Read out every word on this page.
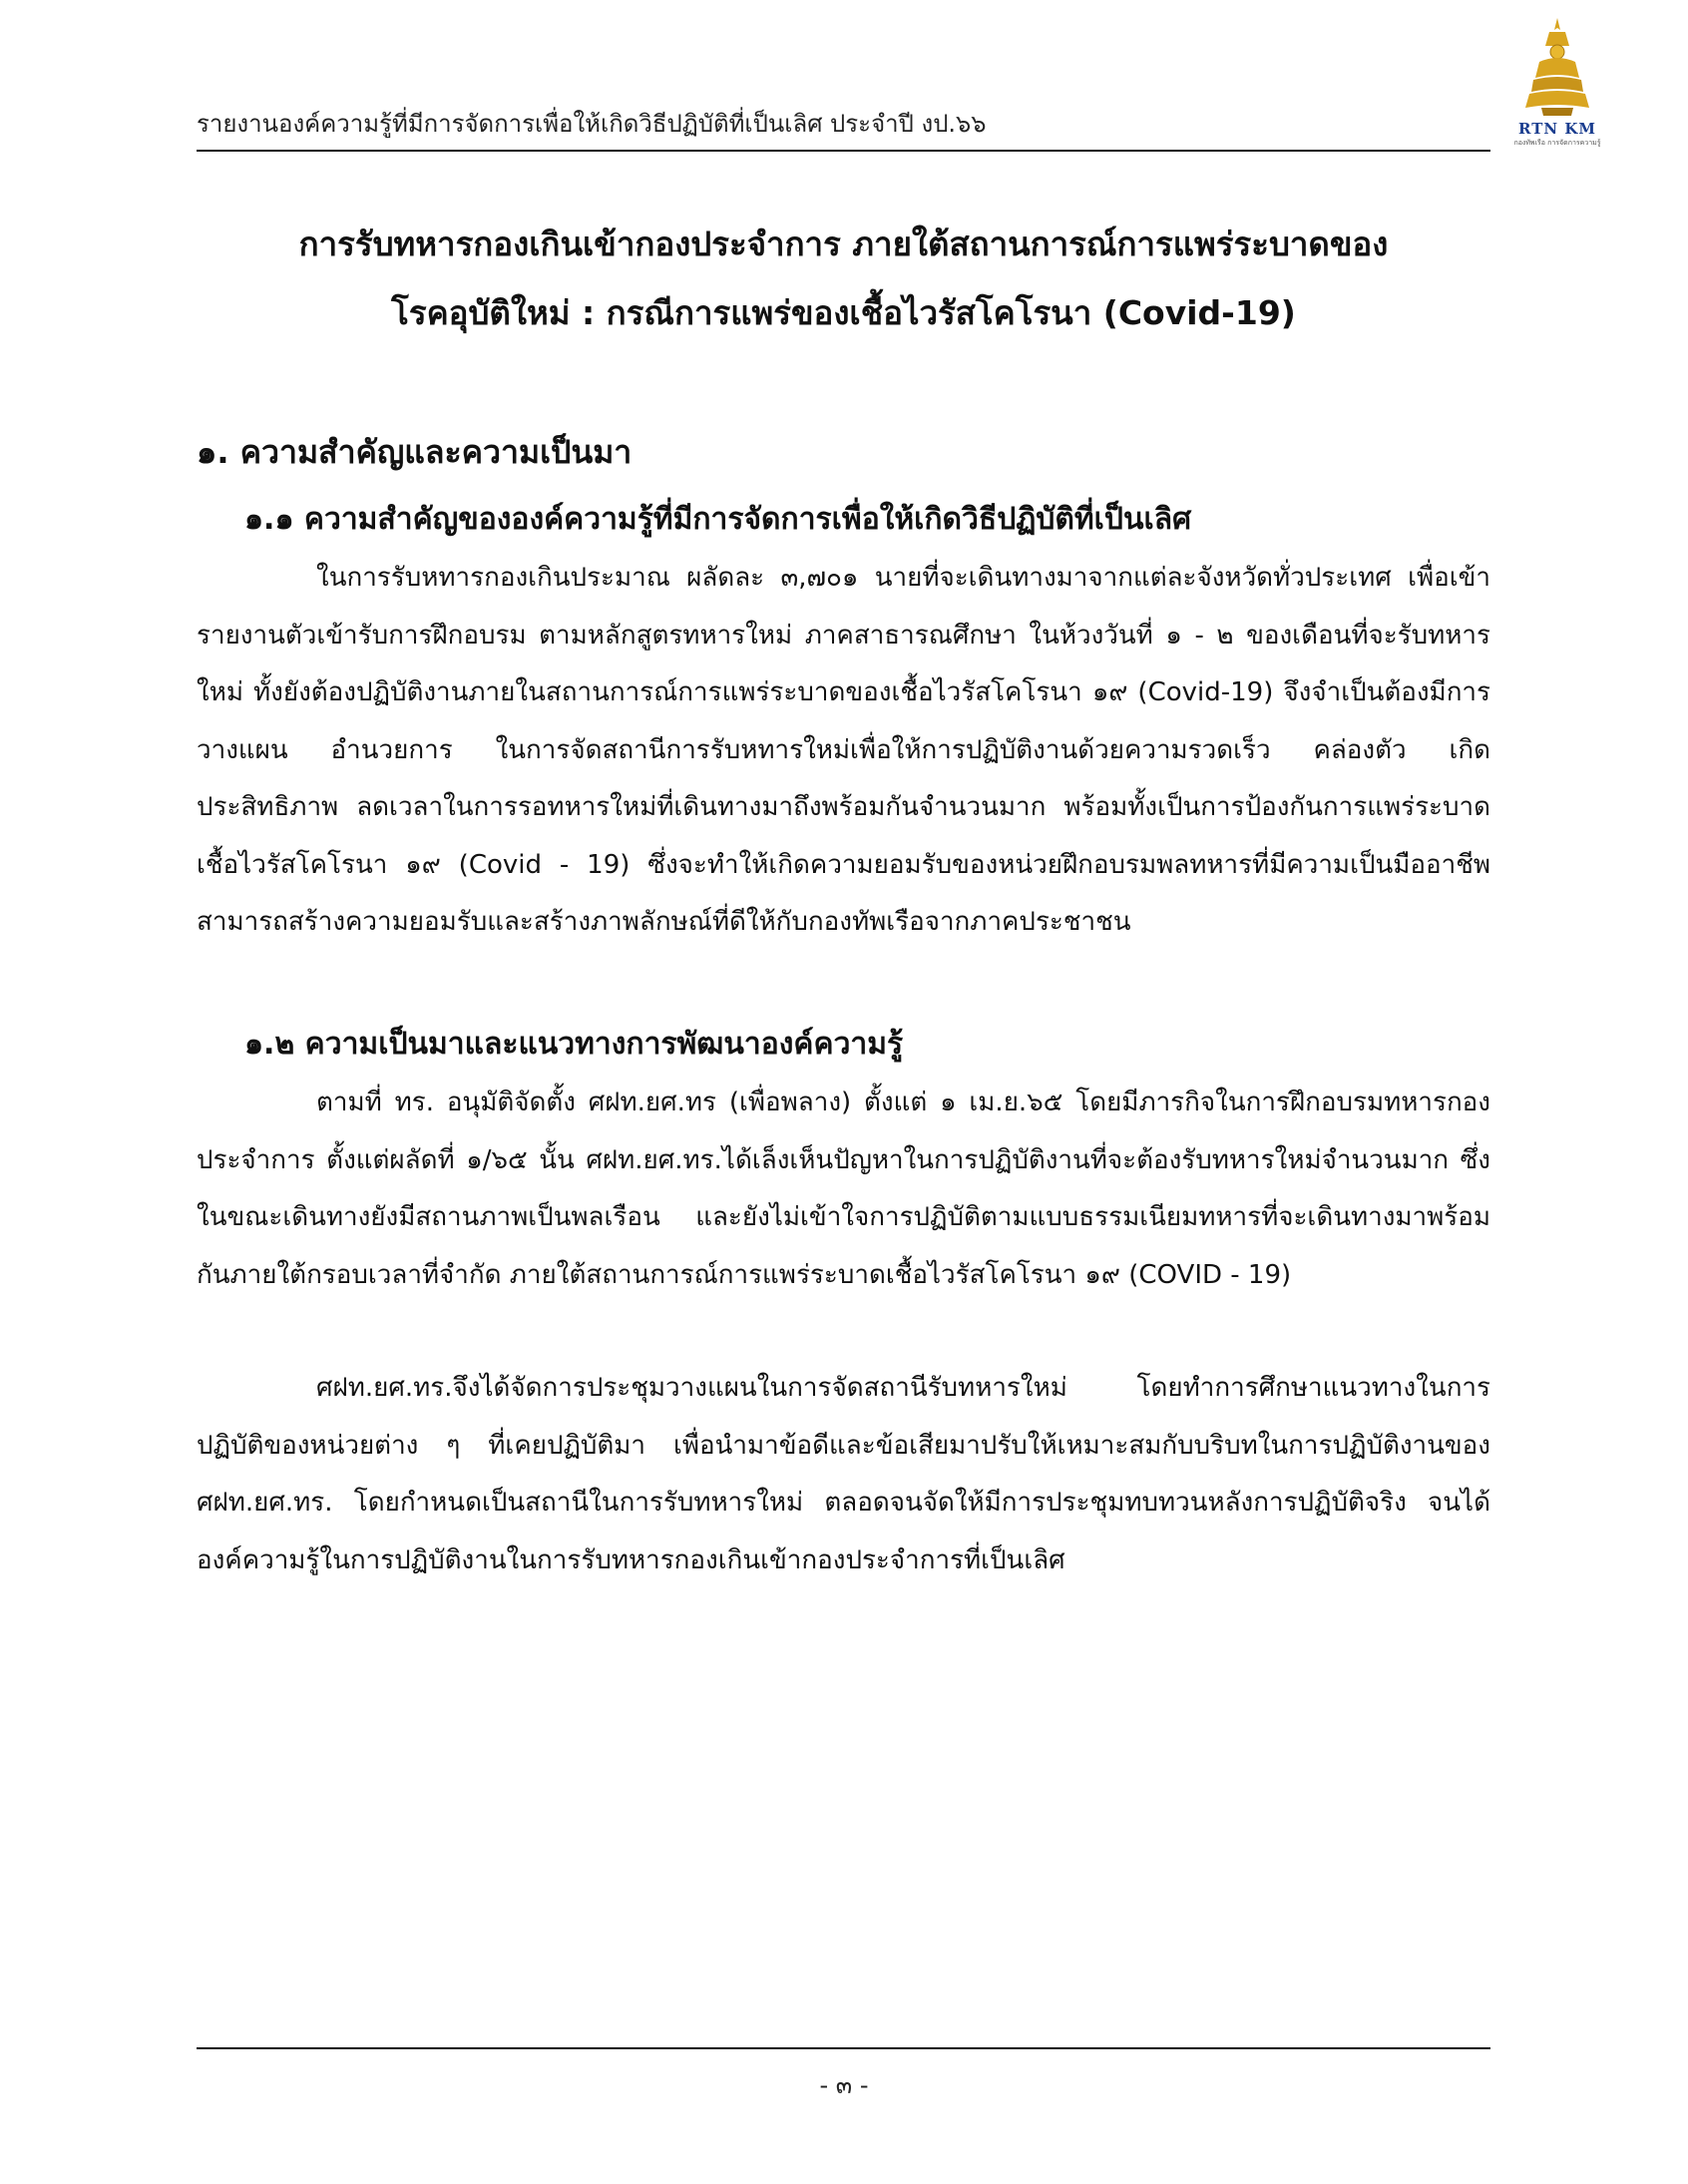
รายงานองค์ความรู้ที่มีการจัดการเพื่อให้เกิดวิธีปฏิบัติที่เป็นเลิศ ประจำปี งป.๖๖	RTN KM
กองทัพเรือ การจัดการความรู้
การรับทหารกองเกินเข้ากองประจำการ ภายใต้สถานการณ์การแพร่ระบาดของ
โรคอุบัติใหม่ : กรณีการแพร่ของเชื้อไวรัสโคโรนา (Covid-19)
๑. ความสำคัญและความเป็นมา
๑.๑ ความสำคัญขององค์ความรู้ที่มีการจัดการเพื่อให้เกิดวิธีปฏิบัติที่เป็นเลิศ
ในการรับหทารกองเกินประมาณ ผลัดละ ๓,๗๐๑ นายที่จะเดินทางมาจากแต่ละจังหวัดทั่วประเทศ เพื่อเข้ารายงานตัวเข้ารับการฝึกอบรม ตามหลักสูตรทหารใหม่ ภาคสาธารณศึกษา ในห้วงวันที่ ๑ - ๒ ของเดือนที่จะรับทหารใหม่ ทั้งยังต้องปฏิบัติงานภายในสถานการณ์การแพร่ระบาดของเชื้อไวรัสโคโรนา ๑๙ (Covid-19) จึงจำเป็นต้องมีการวางแผน อำนวยการ ในการจัดสถานีการรับหทารใหม่เพื่อให้การปฏิบัติงานด้วยความรวดเร็ว คล่องตัว เกิดประสิทธิภาพ ลดเวลาในการรอทหารใหม่ที่เดินทางมาถึงพร้อมกันจำนวนมาก พร้อมทั้งเป็นการป้องกันการแพร่ระบาดเชื้อไวรัสโคโรนา ๑๙ (Covid - 19) ซึ่งจะทำให้เกิดความยอมรับของหน่วยฝึกอบรมพลทหารที่มีความเป็นมืออาชีพ สามารถสร้างความยอมรับและสร้างภาพลักษณ์ที่ดีให้กับกองทัพเรือจากภาคประชาชน
๑.๒ ความเป็นมาและแนวทางการพัฒนาองค์ความรู้
ตามที่ ทร. อนุมัติจัดตั้ง ศฝท.ยศ.ทร (เพื่อพลาง) ตั้งแต่ ๑ เม.ย.๖๕ โดยมีภารกิจในการฝึกอบรมทหารกองประจำการ ตั้งแต่ผลัดที่ ๑/๖๕ นั้น ศฝท.ยศ.ทร.ได้เล็งเห็นปัญหาในการปฏิบัติงานที่จะต้องรับทหารใหม่จำนวนมาก ซึ่งในขณะเดินทางยังมีสถานภาพเป็นพลเรือน และยังไม่เข้าใจการปฏิบัติตามแบบธรรมเนียมทหารที่จะเดินทางมาพร้อมกันภายใต้กรอบเวลาที่จำกัด ภายใต้สถานการณ์การแพร่ระบาดเชื้อไวรัสโคโรนา ๑๙ (COVID - 19)
ศฝท.ยศ.ทร.จึงได้จัดการประชุมวางแผนในการจัดสถานีรับทหารใหม่ โดยทำการศึกษาแนวทางในการปฏิบัติของหน่วยต่าง ๆ ที่เคยปฏิบัติมา เพื่อนำมาข้อดีและข้อเสียมาปรับให้เหมาะสมกับบริบทในการปฏิบัติงานของ ศฝท.ยศ.ทร. โดยกำหนดเป็นสถานีในการรับทหารใหม่ ตลอดจนจัดให้มีการประชุมทบทวนหลังการปฏิบัติจริง จนได้องค์ความรู้ในการปฏิบัติงานในการรับทหารกองเกินเข้ากองประจำการที่เป็นเลิศ
- ๓ -
